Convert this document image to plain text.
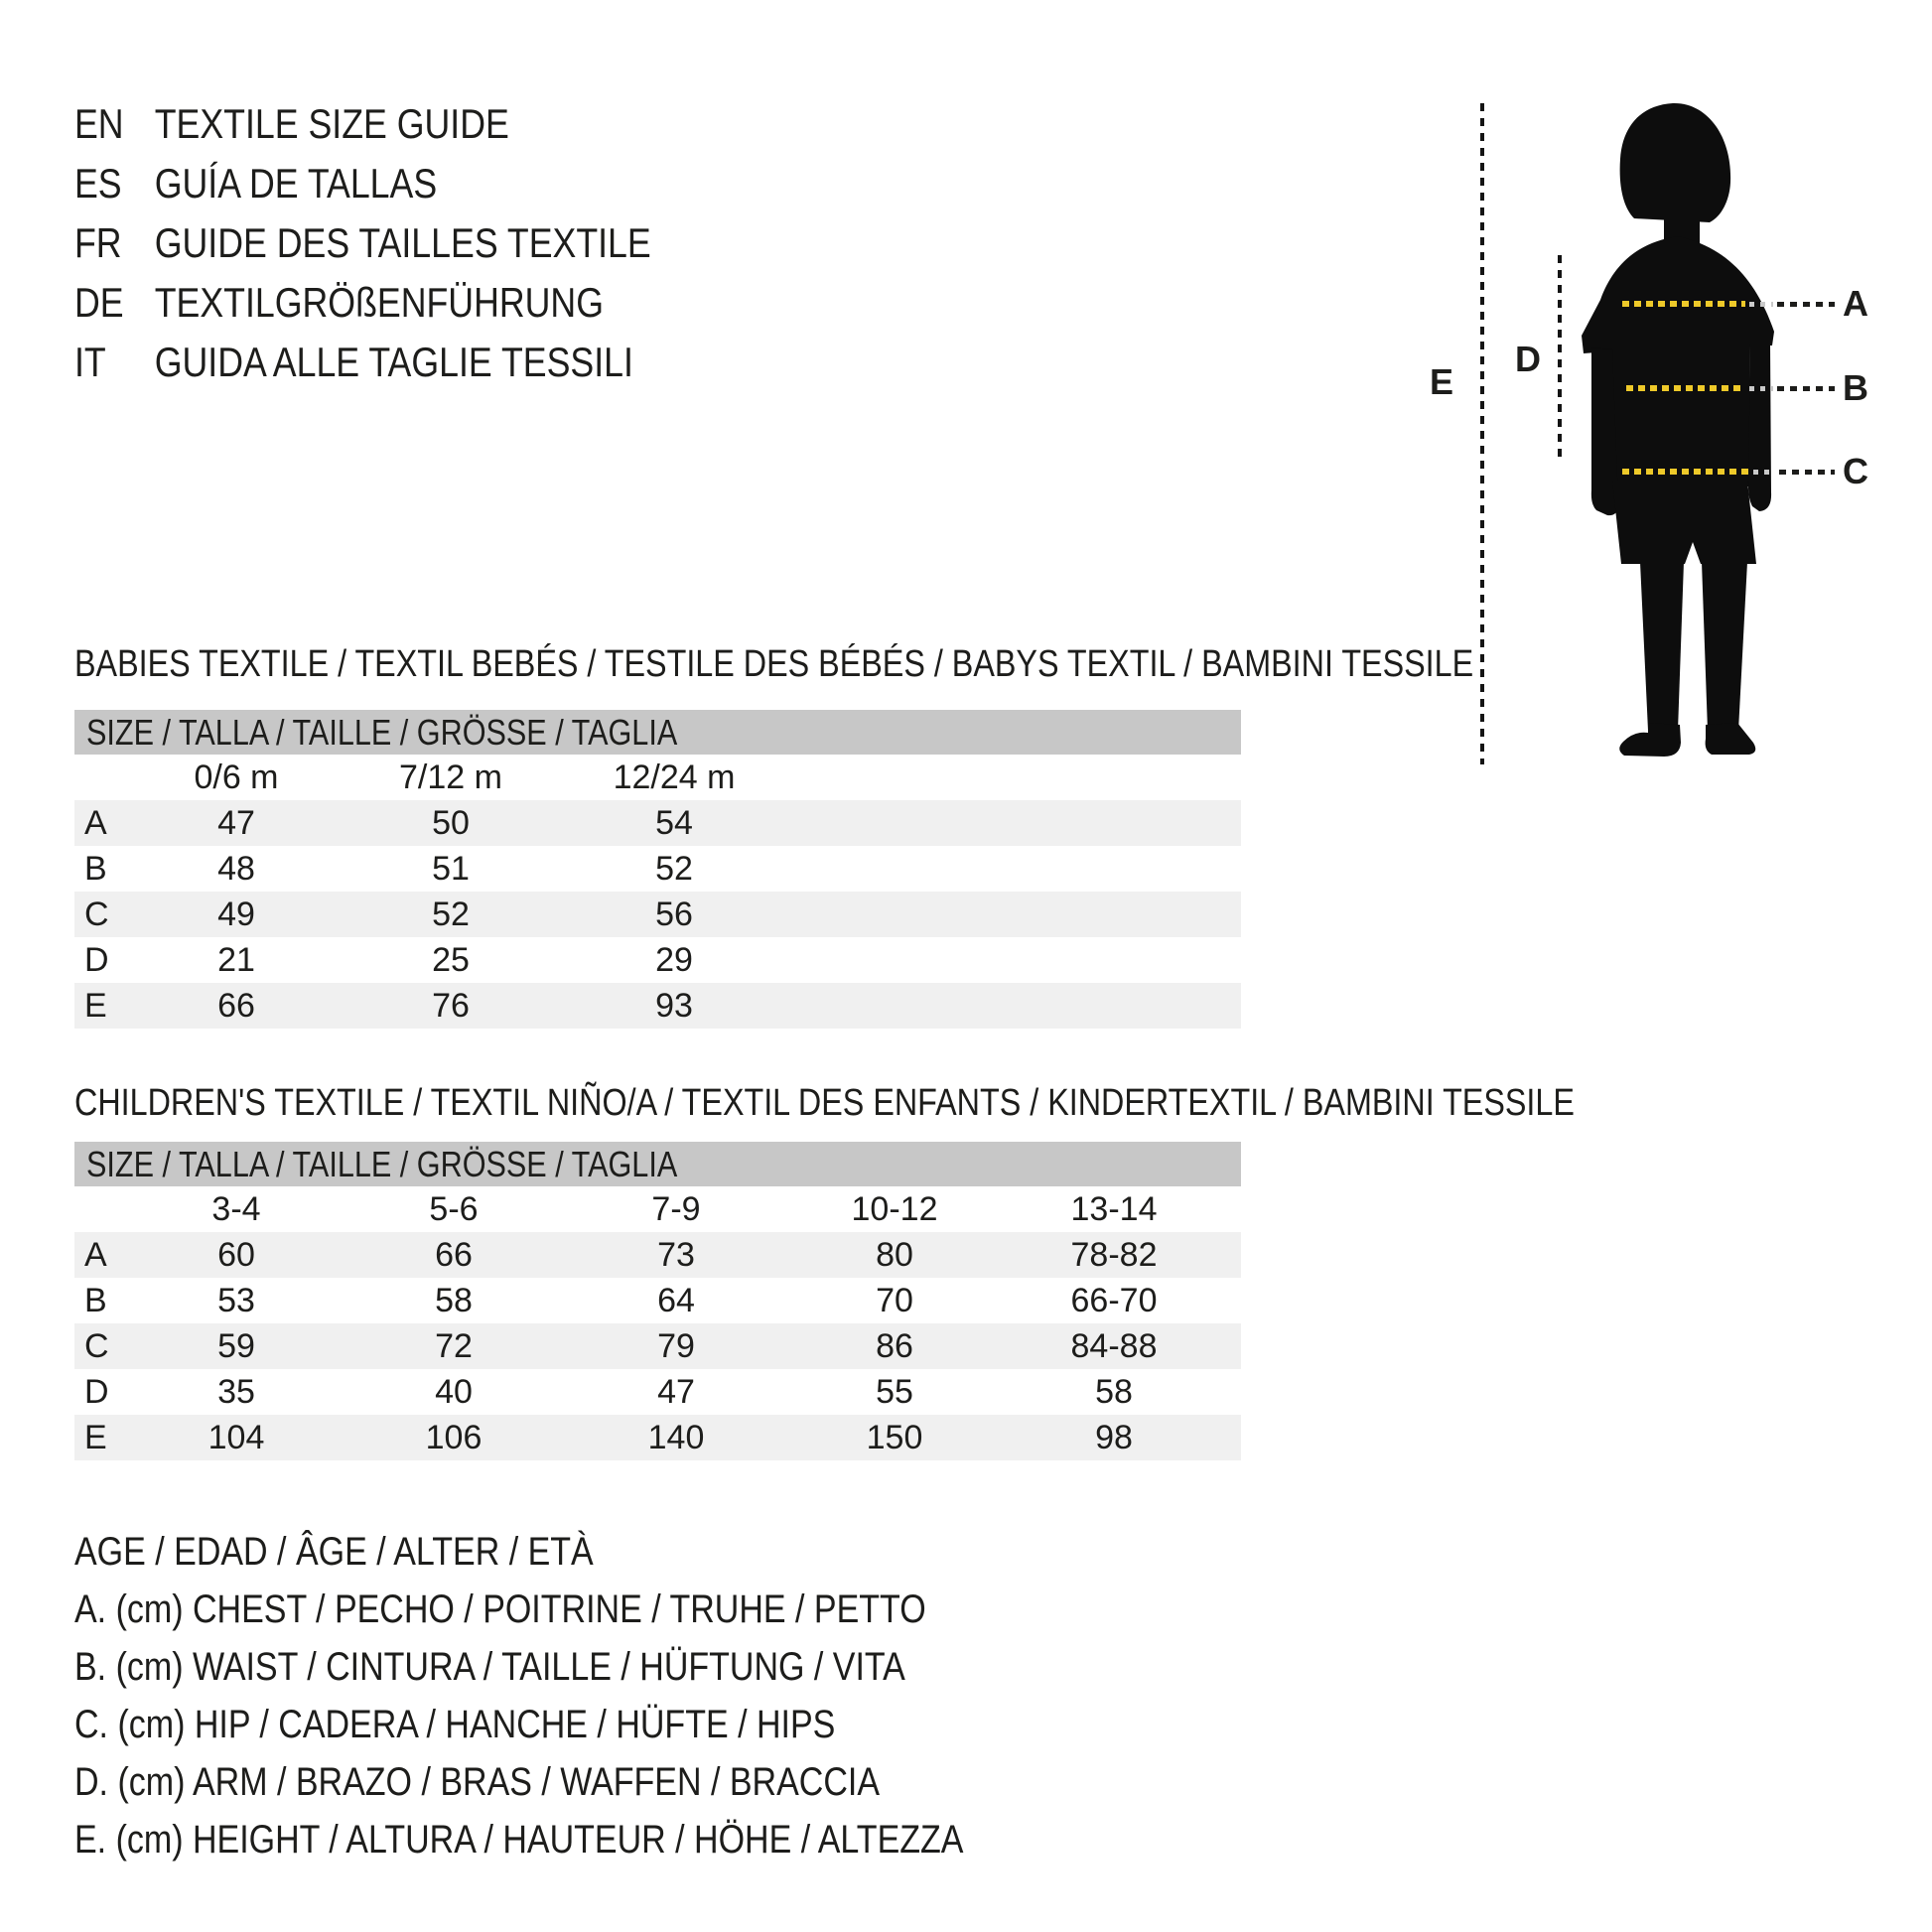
EN TEXTILE SIZE GUIDE
ES GUÍA DE TALLAS
FR GUIDE DES TAILLES TEXTILE
DE TEXTILGRÖßENFÜHRUNG
IT	GUIDA ALLE TAGLIE TESSILI	E
D
A
B
C
BABIES TEXTILE / TEXTIL BEBÉS / TESTILE DES BÉBÉS / BABYS TEXTIL / BAMBINI TESSILE
SIZE / TALLA / TAILLE / GRÖSSE / TAGLIA
0/6 m	7/12 m	12/24 m
A	47	50	54
B	48	51	52
C	49	52	56
D	21	25	29
E	66	76	93
CHILDREN'S TEXTILE / TEXTIL NIÑO/A / TEXTIL DES ENFANTS / KINDERTEXTIL / BAMBINI TESSILE
SIZE / TALLA / TAILLE / GRÖSSE / TAGLIA
3-4	5-6	7-9	10-12	13-14
A	60	66	73	80	78-82
B	53	58	64	70	66-70
C	59	72	79	86	84-88
D	35	40	47	55	58
E	104	106	140	150	98
AGE / EDAD / ÂGE / ALTER / ETÀ
A. (cm) CHEST / PECHO / POITRINE / TRUHE / PETTO
B. (cm) WAIST / CINTURA / TAILLE / HÜFTUNG / VITA
C. (cm) HIP / CADERA / HANCHE / HÜFTE / HIPS
D. (cm) ARM / BRAZO / BRAS / WAFFEN / BRACCIA
E. (cm) HEIGHT / ALTURA / HAUTEUR / HÖHE / ALTEZZA
